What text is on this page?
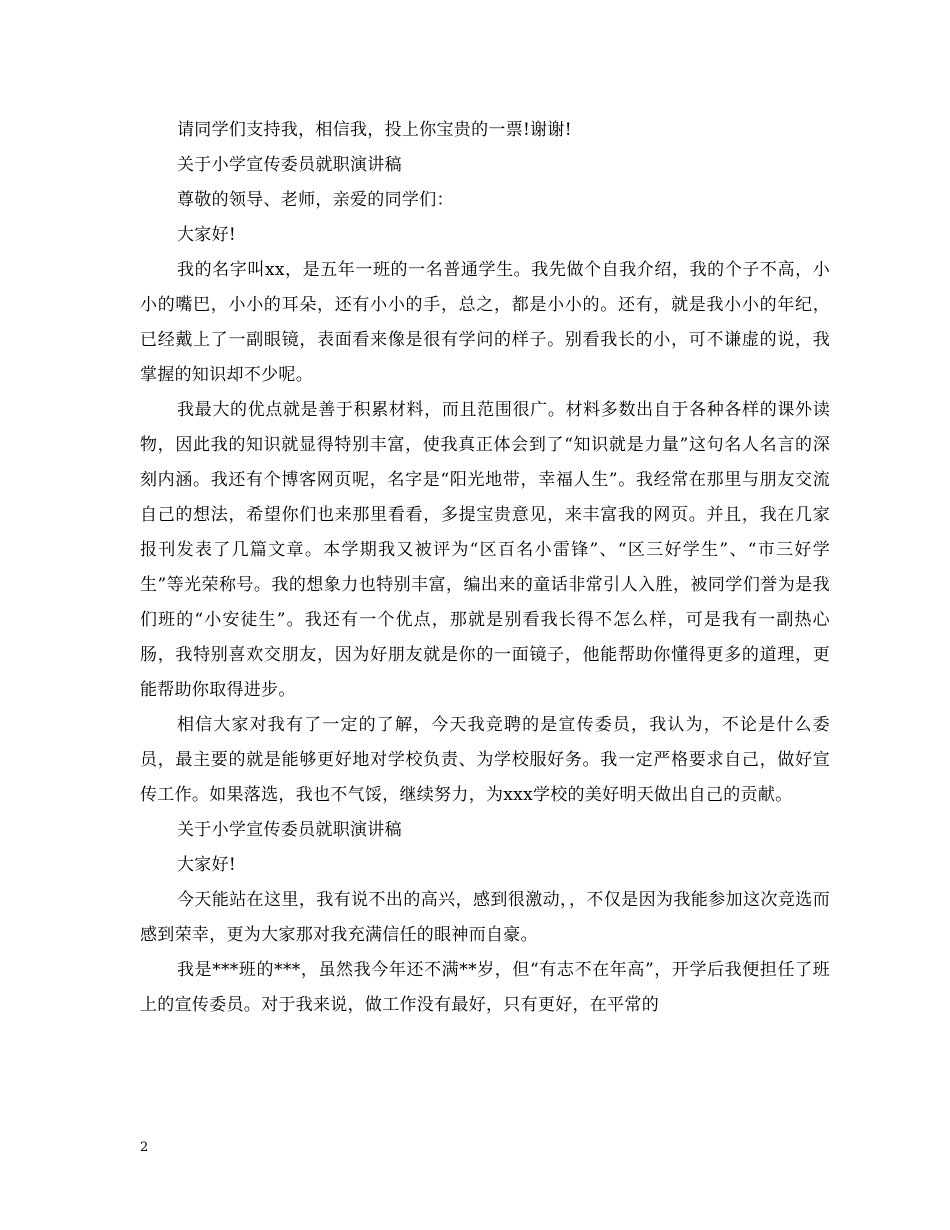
请同学们支持我，相信我，投上你宝贵的一票!谢谢!

关于小学宣传委员就职演讲稿

尊敬的领导、老师，亲爱的同学们：

大家好!

我的名字叫xx，是五年一班的一名普通学生。我先做个自我介绍，我的个子不高，小小的嘴巴，小小的耳朵，还有小小的手，总之，都是小小的。还有，就是我小小的年纪，已经戴上了一副眼镜，表面看来像是很有学问的样子。别看我长的小，可不谦虚的说，我掌握的知识却不少呢。

我最大的优点就是善于积累材料，而且范围很广。材料多数出自于各种各样的课外读物，因此我的知识就显得特别丰富，使我真正体会到了“知识就是力量”这句名人名言的深刻内涵。我还有个博客网页呢，名字是“阳光地带，幸福人生”。我经常在那里与朋友交流自己的想法，希望你们也来那里看看，多提宝贵意见，来丰富我的网页。并且，我在几家报刊发表了几篇文章。本学期我又被评为“区百名小雷锋”、“区三好学生”、“市三好学生”等光荣称号。我的想象力也特别丰富，编出来的童话非常引人入胜，被同学们誉为是我们班的“小安徒生”。我还有一个优点，那就是别看我长得不怎么样，可是我有一副热心肠，我特别喜欢交朋友，因为好朋友就是你的一面镜子，他能帮助你懂得更多的道理，更能帮助你取得进步。

相信大家对我有了一定的了解，今天我竞聘的是宣传委员，我认为，不论是什么委员，最主要的就是能够更好地对学校负责、为学校服好务。我一定严格要求自己，做好宣传工作。如果落选，我也不气馁，继续努力，为xxx学校的美好明天做出自己的贡献。

关于小学宣传委员就职演讲稿

大家好!

今天能站在这里，我有说不出的高兴，感到很激动，，不仅是因为我能参加这次竞选而感到荣幸，更为大家那对我充满信任的眼神而自豪。

我是***班的***，虽然我今年还不满**岁，但“有志不在年高”，开学后我便担任了班上的宣传委员。对于我来说，做工作没有最好，只有更好，在平常的

2
